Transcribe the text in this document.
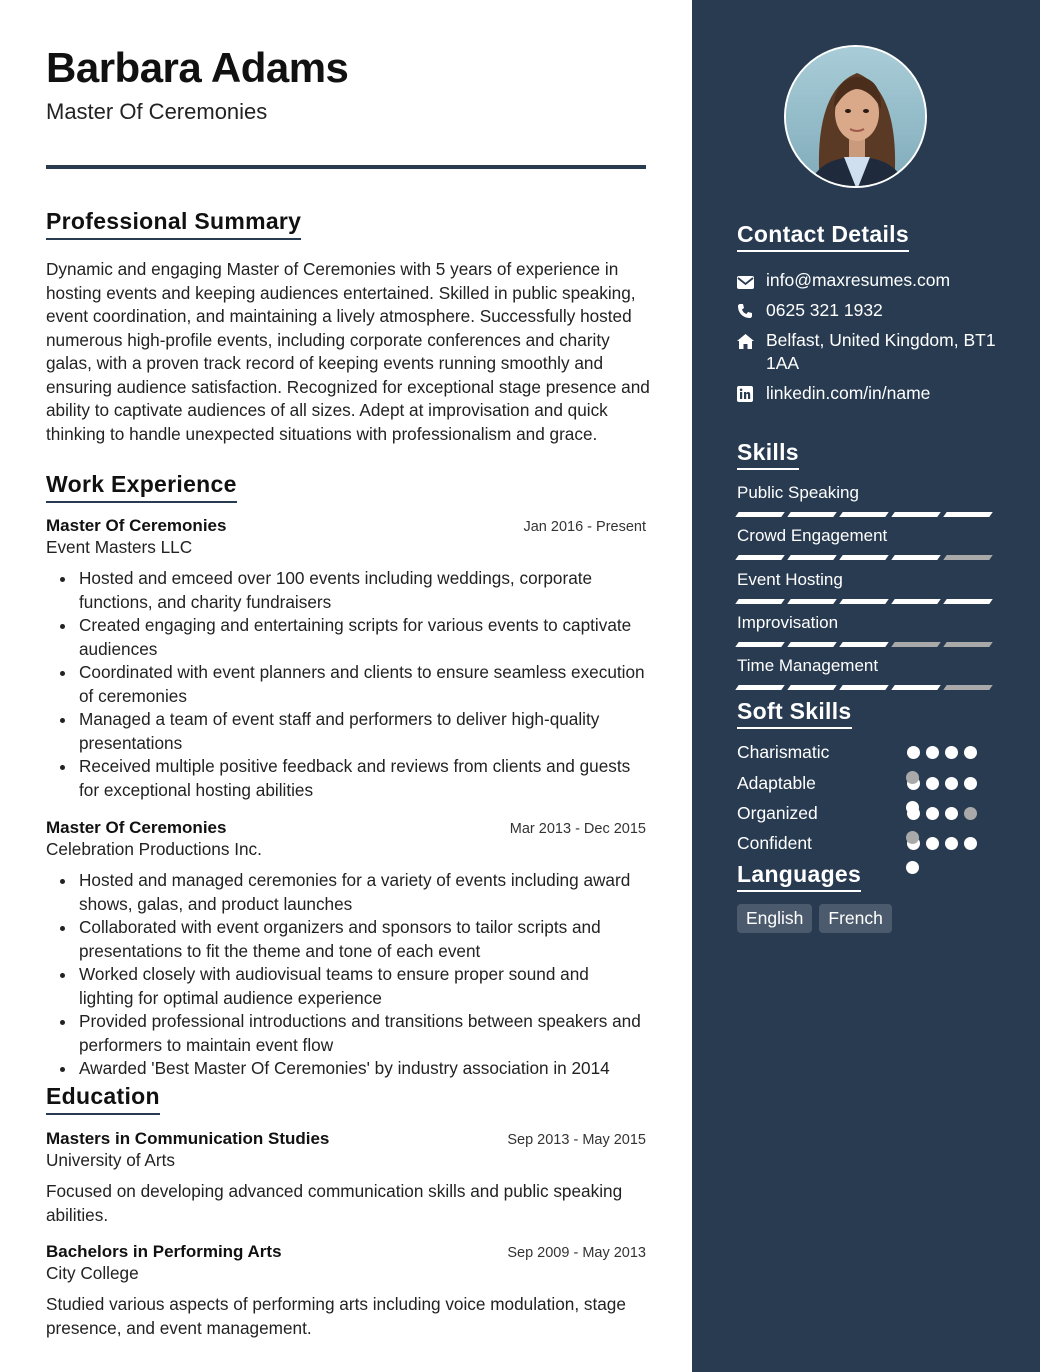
Barbara Adams
Master Of Ceremonies
Professional Summary
Dynamic and engaging Master of Ceremonies with 5 years of experience in hosting events and keeping audiences entertained. Skilled in public speaking, event coordination, and maintaining a lively atmosphere. Successfully hosted numerous high-profile events, including corporate conferences and charity galas, with a proven track record of keeping events running smoothly and ensuring audience satisfaction. Recognized for exceptional stage presence and ability to captivate audiences of all sizes. Adept at improvisation and quick thinking to handle unexpected situations with professionalism and grace.
Work Experience
Master Of Ceremonies	Jan 2016 - Present
Event Masters LLC
Hosted and emceed over 100 events including weddings, corporate functions, and charity fundraisers
Created engaging and entertaining scripts for various events to captivate audiences
Coordinated with event planners and clients to ensure seamless execution of ceremonies
Managed a team of event staff and performers to deliver high-quality presentations
Received multiple positive feedback and reviews from clients and guests for exceptional hosting abilities
Master Of Ceremonies	Mar 2013 - Dec 2015
Celebration Productions Inc.
Hosted and managed ceremonies for a variety of events including award shows, galas, and product launches
Collaborated with event organizers and sponsors to tailor scripts and presentations to fit the theme and tone of each event
Worked closely with audiovisual teams to ensure proper sound and lighting for optimal audience experience
Provided professional introductions and transitions between speakers and performers to maintain event flow
Awarded 'Best Master Of Ceremonies' by industry association in 2014
Education
Masters in Communication Studies	Sep 2013 - May 2015
University of Arts
Focused on developing advanced communication skills and public speaking abilities.
Bachelors in Performing Arts	Sep 2009 - May 2013
City College
Studied various aspects of performing arts including voice modulation, stage presence, and event management.
Contact Details
info@maxresumes.com
0625 321 1932
Belfast, United Kingdom, BT1 1AA
linkedin.com/in/name
Skills
Public Speaking
Crowd Engagement
Event Hosting
Improvisation
Time Management
Soft Skills
Charismatic
Adaptable
Organized
Confident
Languages
English	French
